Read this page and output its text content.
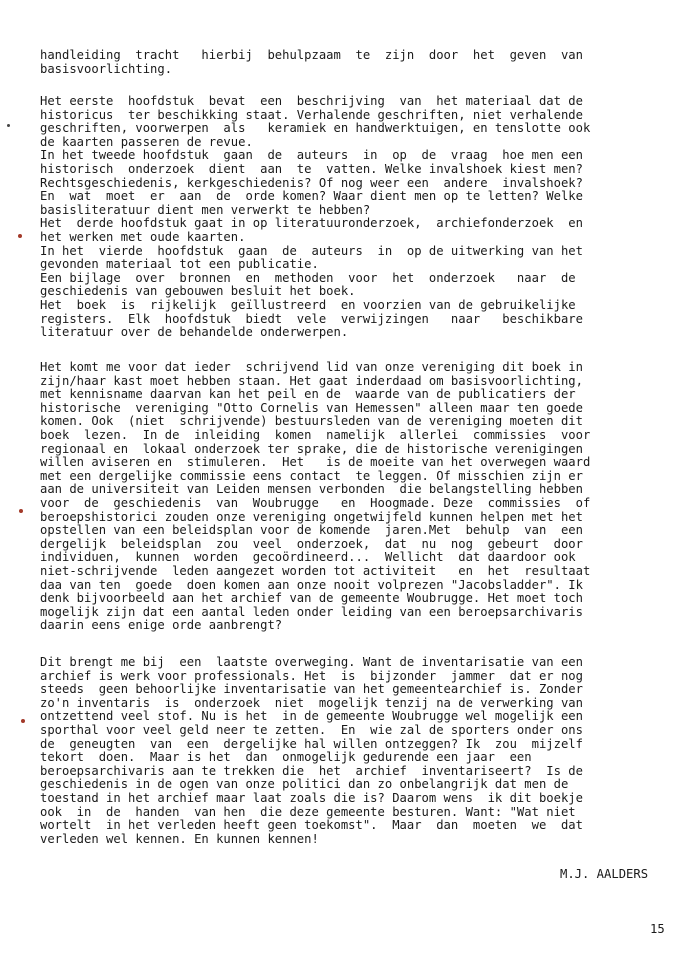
handleiding  tracht   hierbij  behulpzaam  te  zijn  door  het  geven  van
basisvoorlichting.
Het eerste  hoofdstuk  bevat  een  beschrijving  van  het materiaal dat de
historicus  ter beschikking staat. Verhalende geschriften, niet verhalende
geschriften, voorwerpen  als   keramiek en handwerktuigen, en tenslotte ook
de kaarten passeren de revue.
In het tweede hoofdstuk  gaan  de  auteurs  in  op  de  vraag  hoe men een
historisch  onderzoek  dient  aan  te  vatten. Welke invalshoek kiest men?
Rechtsgeschiedenis, kerkgeschiedenis? Of nog weer een  andere  invalshoek?
En  wat  moet  er  aan  de  orde komen? Waar dient men op te letten? Welke
basisliteratuur dient men verwerkt te hebben?
Het  derde hoofdstuk gaat in op literatuuronderzoek,  archiefonderzoek  en
het werken met oude kaarten.
In het  vierde  hoofdstuk  gaan  de  auteurs  in  op de uitwerking van het
gevonden materiaal tot een publicatie.
Een bijlage  over  bronnen  en  methoden  voor  het  onderzoek   naar  de
geschiedenis van gebouwen besluit het boek.
Het  boek  is  rijkelijk  geïllustreerd  en voorzien van de gebruikelijke
registers.  Elk  hoofdstuk  biedt  vele  verwijzingen   naar   beschikbare
literatuur over de behandelde onderwerpen.
Het komt me voor dat ieder  schrijvend lid van onze vereniging dit boek in
zijn/haar kast moet hebben staan. Het gaat inderdaad om basisvoorlichting,
met kennisname daarvan kan het peil en de  waarde van de publicatiers der
historische  vereniging "Otto Cornelis van Hemessen" alleen maar ten goede
komen. Ook  (niet  schrijvende) bestuursleden van de vereniging moeten dit
boek  lezen.  In de  inleiding  komen  namelijk  allerlei  commissies  voor
regionaal en  lokaal onderzoek ter sprake, die de historische verenigingen
willen aviseren en  stimuleren.  Het   is de moeite van het overwegen waard
met een dergelijke commissie eens contact  te leggen. Of misschien zijn er
aan de universiteit van Leiden mensen verbonden  die belangstelling hebben
voor  de  geschiedenis  van  Woubrugge   en  Hoogmade. Deze  commissies  of
beroepshistorici zouden onze vereniging ongetwijfeld kunnen helpen met het
opstellen van een beleidsplan voor de komende  jaren.Met  behulp  van  een
dergelijk  beleidsplan  zou  veel  onderzoek,  dat  nu  nog  gebeurt  door
individuen,  kunnen  worden  gecoördineerd...  Wellicht  dat daardoor ook
niet-schrijvende  leden aangezet worden tot activiteit   en  het  resultaat
daa van ten  goede  doen komen aan onze nooit volprezen "Jacobsladder". Ik
denk bijvoorbeeld aan het archief van de gemeente Woubrugge. Het moet toch
mogelijk zijn dat een aantal leden onder leiding van een beroepsarchivaris
daarin eens enige orde aanbrengt?
Dit brengt me bij  een  laatste overweging. Want de inventarisatie van een
archief is werk voor professionals. Het  is  bijzonder  jammer  dat er nog
steeds  geen behoorlijke inventarisatie van het gemeentearchief is. Zonder
zo'n inventaris  is  onderzoek  niet  mogelijk tenzij na de verwerking van
ontzettend veel stof. Nu is het  in de gemeente Woubrugge wel mogelijk een
sporthal voor veel geld neer te zetten.  En  wie zal de sporters onder ons
de  geneugten  van  een  dergelijke hal willen ontzeggen? Ik  zou  mijzelf
tekort  doen.  Maar is het  dan  onmogelijk gedurende een jaar  een
beroepsarchivaris aan te trekken die  het  archief  inventariseert?  Is de
geschiedenis in de ogen van onze politici dan zo onbelangrijk dat men de
toestand in het archief maar laat zoals die is? Daarom wens  ik dit boekje
ook  in  de  handen  van hen  die deze gemeente besturen. Want: "Wat niet
wortelt  in het verleden heeft geen toekomst".  Maar  dan  moeten  we  dat
verleden wel kennen. En kunnen kennen!
M.J. AALDERS
15
